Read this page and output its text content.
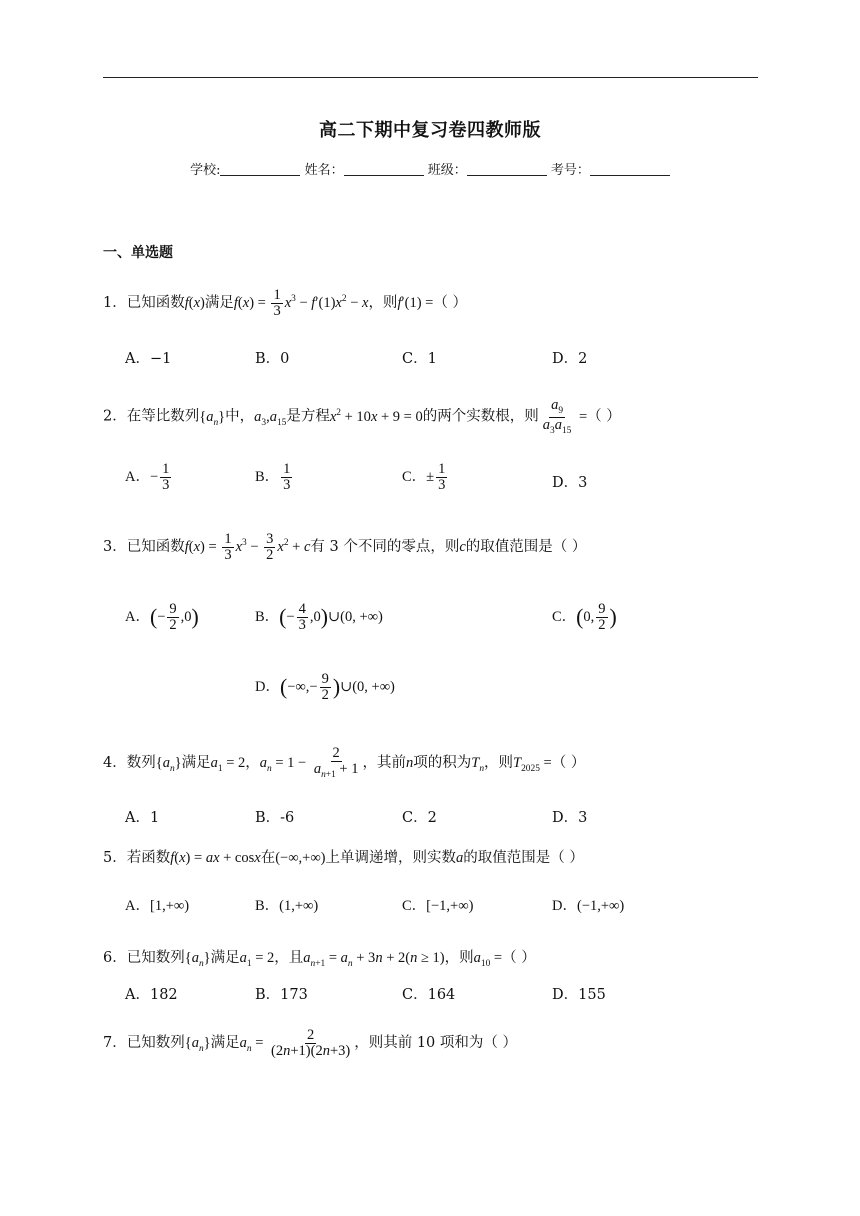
高二下期中复习卷四教师版
学校:	姓名：	班级：	考号：
一、单选题
1．已知函数f(x)满足$f(x) = \frac{1}{3} x^3 - f'(1)x^2 - x$，则f′(1) =（ ）
A．−1	B．0	C．1	D．2
2．在等比数列$\{a_n\}$中，$a_3,a_{15}$是方程$x^2 + 10x + 9 = 0$的两个实数根，则 $\frac{a_9}{a_3a_{15}}$ =（ ）
A．− $\frac{1}{3}$	B． $\frac{1}{3}$	C．± $\frac{1}{3}$	D．3
3．已知函数$f(x) = \frac{1}{3} x^3 - \frac{3}{2} x^2 + c$有 3 个不同的零点，则c的取值范围是（ ）
A．(− $\frac{9}{2} ,0$)	B．(− $\frac{4}{3}$ ,0)∪(0, +∞)	C．(0, $\frac{9}{2}$ )
D．(−∞,− $\frac{9}{2}$ )∪(0, +∞)
4．数列$\{a_n\}$满足$a_1 = 2$，$a_n = 1 - \frac{2}{a_{n+1} + 1}$ ，其前n项的积为$T_n$，则$T_{2025}$ =（ ）
A．1	B．-6	C．2	D．3
5．若函数f(x) = ax + cosx在(−∞,+∞)上单调递增，则实数a的取值范围是（ ）
A．[1,+∞)	B．(1,+∞)	C．[−1,+∞)	D．(−1,+∞)
6．已知数列$\{a_n\}$满足$a_1 = 2$，且$a_{n+1} = a_n + 3n + 2(n \ge 1)$，则$a_{10}$ =（ ）
A．182	B．173	C．164	D．155
7．已知数列$\{a_n\}$满足$a_n = \frac{2}{(2n+1)(2n+3)}$ ，则其前 10 项和为（ ）
